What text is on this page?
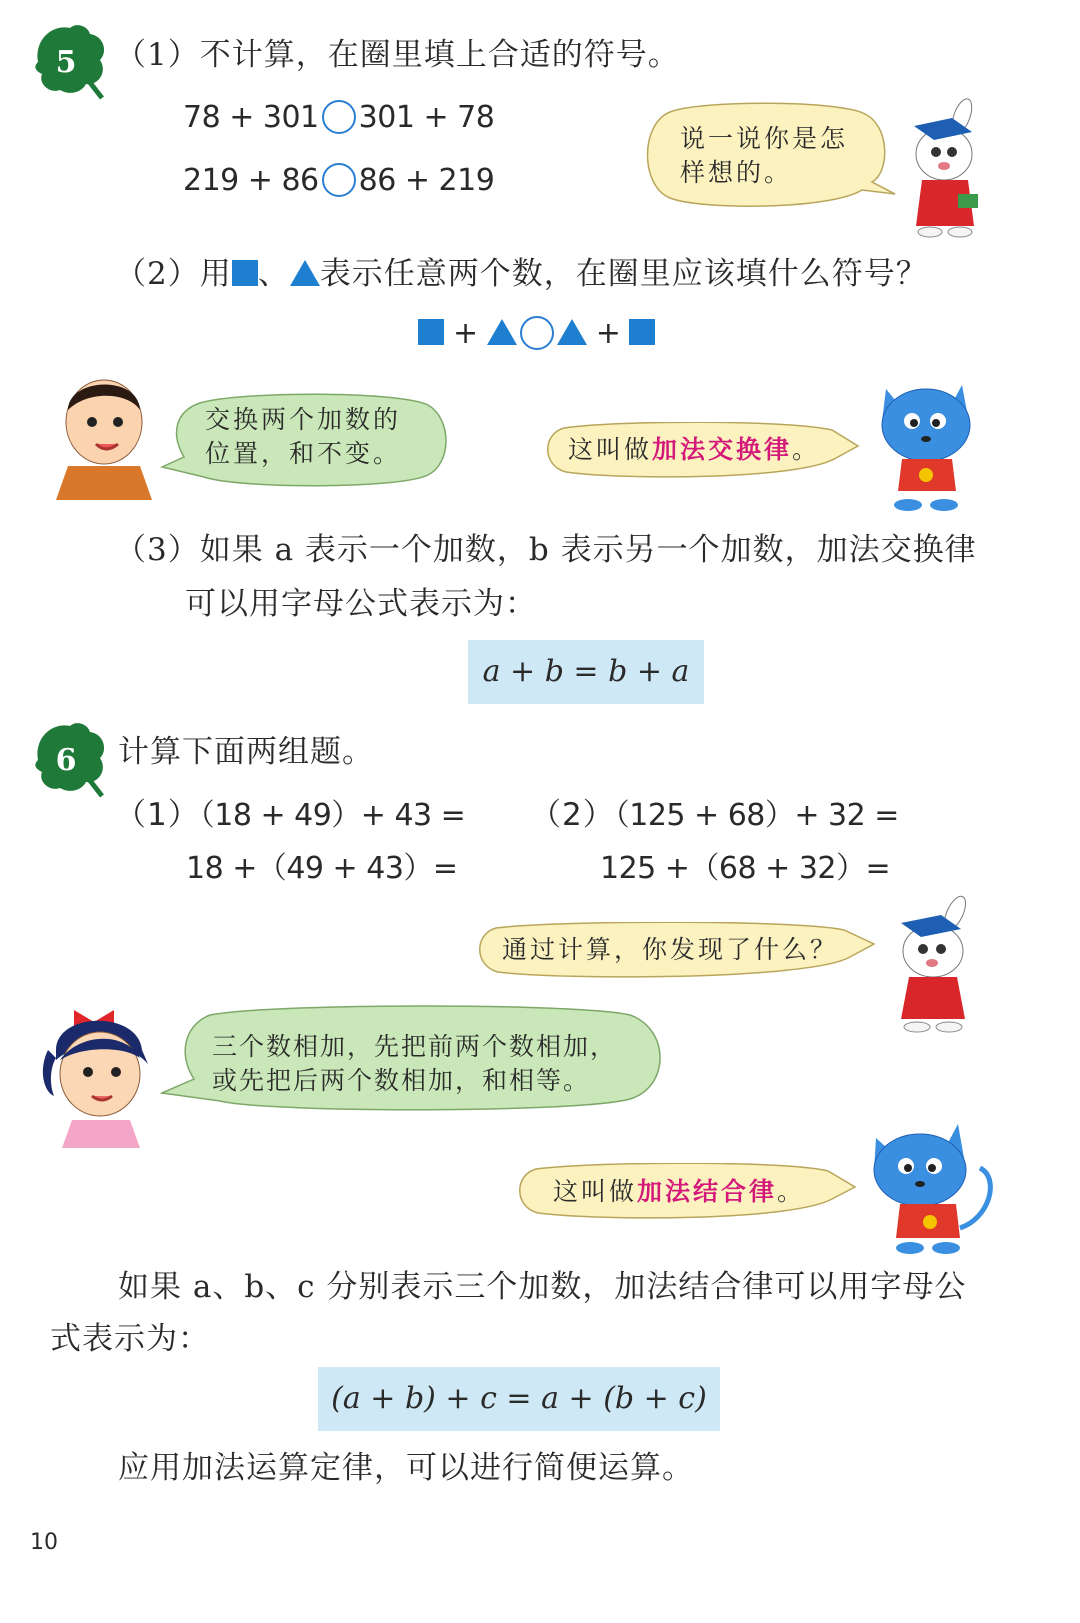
5 （1）不计算，在圈里填上合适的符号。
78 + 301 301 + 78
219 + 86 86 + 219
说一说你是怎
样想的。
（2）用 、 表示任意两个数，在圈里应该填什么符号？
+	+
交换两个加数的
位置，和不变。	这叫做加法交换律。
（3）如果 a 表示一个加数，b 表示另一个加数，加法交换律
可以用字母公式表示为：
a + b = b + a
6 计算下面两组题。
（1）（18 + 49）+ 43 =
18 +（49 + 43）=
（2）（125 + 68）+ 32 =
125 +（68 + 32）=
通过计算，你发现了什么？
三个数相加，先把前两个数相加，
或先把后两个数相加，和相等。
这叫做加法结合律。
如果 a、b、c 分别表示三个加数，加法结合律可以用字母公
式表示为：
(a + b) + c = a + (b + c)
应用加法运算定律，可以进行简便运算。
10
